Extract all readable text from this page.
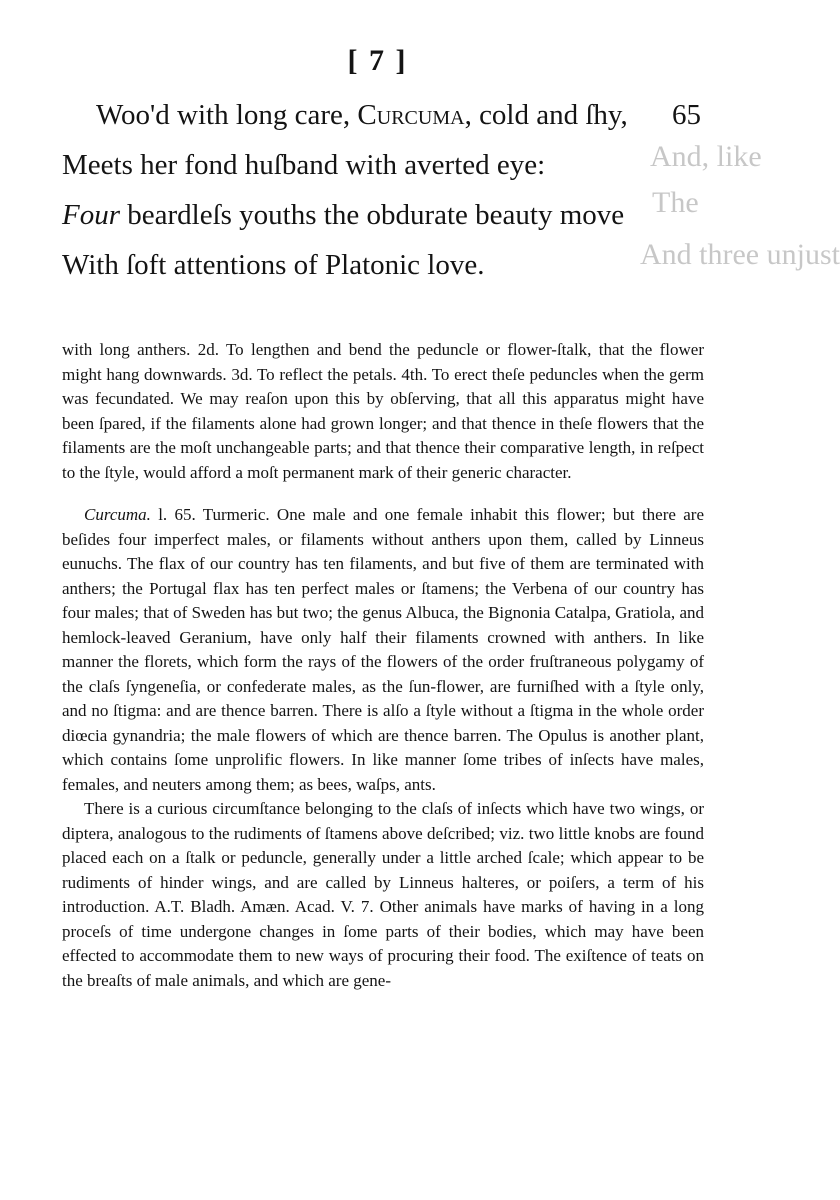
And, like
The
And three unjust
[ 7 ]
Woo'd with long care, Curcuma, cold and ſhy, 65
Meets her fond huſband with averted eye:
Four beardleſs youths the obdurate beauty move
With ſoft attentions of Platonic love.

with long anthers. 2d. To lengthen and bend the peduncle or flower-ſtalk, that the flower might hang downwards. 3d. To reflect the petals. 4th. To erect theſe peduncles when the germ was fecundated. We may reaſon upon this by obſerving, that all this apparatus might have been ſpared, if the filaments alone had grown longer; and that thence in theſe flowers that the filaments are the moſt unchangeable parts; and that thence their comparative length, in reſpect to the ſtyle, would afford a moſt permanent mark of their generic character.

Curcuma. l. 65. Turmeric. One male and one female inhabit this flower; but there are beſides four imperfect males, or filaments without anthers upon them, called by Linneus eunuchs. The flax of our country has ten filaments, and but five of them are terminated with anthers; the Portugal flax has ten perfect males or ſtamens; the Verbena of our country has four males; that of Sweden has but two; the genus Albuca, the Bignonia Catalpa, Gratiola, and hemlock-leaved Geranium, have only half their filaments crowned with anthers. In like manner the florets, which form the rays of the flowers of the order fruſtraneous polygamy of the claſs ſyngeneſia, or confederate males, as the ſun-flower, are furniſhed with a ſtyle only, and no ſtigma: and are thence barren. There is alſo a ſtyle without a ſtigma in the whole order diœcia gynandria; the male flowers of which are thence barren. The Opulus is another plant, which contains ſome unprolific flowers. In like manner ſome tribes of inſects have males, females, and neuters among them; as bees, waſps, ants.

There is a curious circumſtance belonging to the claſs of inſects which have two wings, or diptera, analogous to the rudiments of ſtamens above deſcribed; viz. two little knobs are found placed each on a ſtalk or peduncle, generally under a little arched ſcale; which appear to be rudiments of hinder wings, and are called by Linneus halteres, or poiſers, a term of his introduction. A.T. Bladh. Amæn. Acad. V. 7. Other animals have marks of having in a long proceſs of time undergone changes in ſome parts of their bodies, which may have been effected to accommodate them to new ways of procuring their food. The exiſtence of teats on the breaſts of male animals, and which are gene-
